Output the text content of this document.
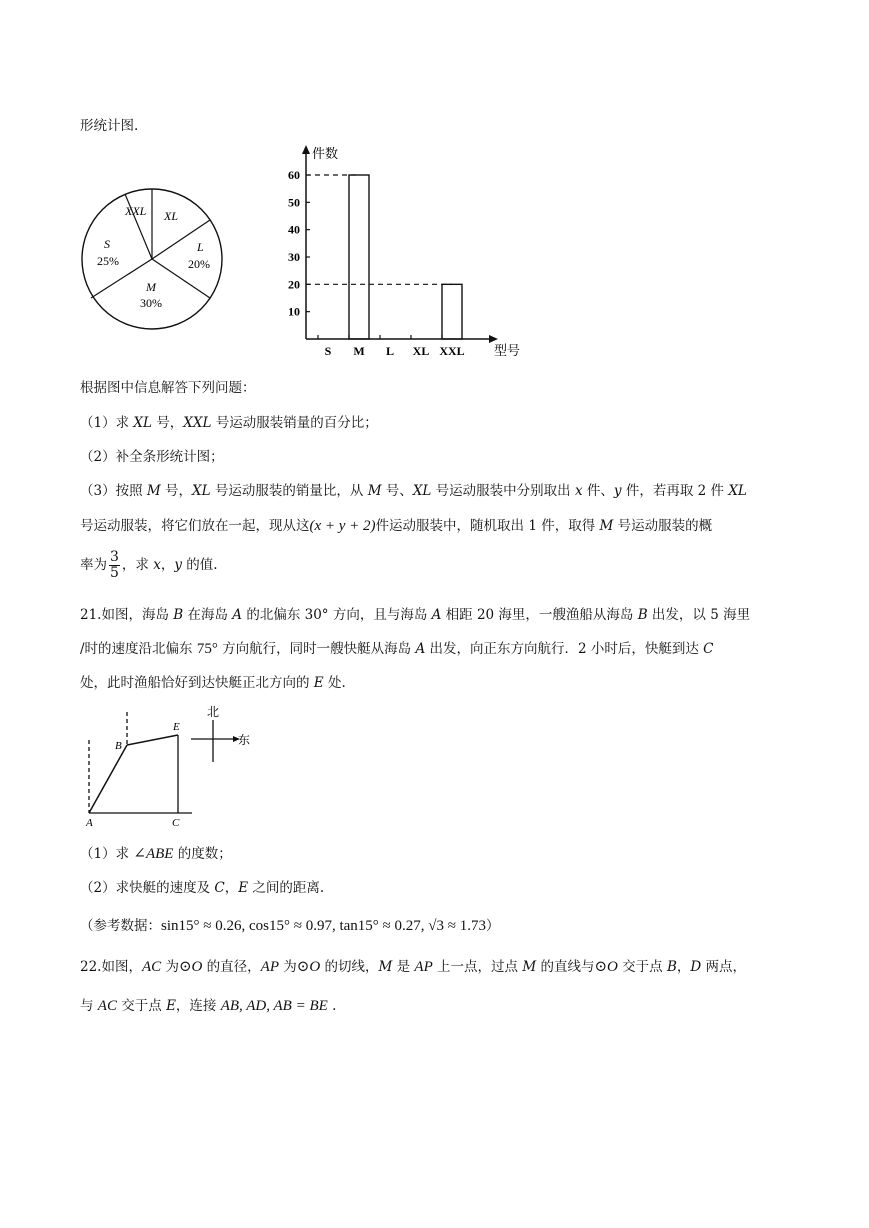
形统计图.
XXL XL
L
20%
M
30%
S
25%
件数
型号
10
20
30
40
50
60
S M L XL XXL
根据图中信息解答下列问题：
（1）求 XL 号，XXL 号运动服装销量的百分比；
（2）补全条形统计图；
（3）按照 M 号，XL 号运动服装的销量比，从 M 号、XL 号运动服装中分别取出 x 件、y 件，若再取 2 件 XL
号运动服装，将它们放在一起，现从这(x + y + 2)件运动服装中，随机取出 1 件，取得 M 号运动服装的概
率为 $\frac{3}{5}$ ，求 x，y 的值.
21.如图，海岛 B 在海岛 A 的北偏东 30° 方向，且与海岛 A 相距 20 海里，一艘渔船从海岛 B 出发，以 5 海里
/时的速度沿北偏东 75° 方向航行，同时一艘快艇从海岛 A 出发，向正东方向航行．2 小时后，快艇到达 C
处，此时渔船恰好到达快艇正北方向的 E 处.
A
B
C
E
北
东
（1）求 ∠ABE 的度数；
（2）求快艇的速度及 C，E 之间的距离.
（参考数据：sin15° ≈ 0.26, cos15° ≈ 0.97, tan15° ≈ 0.27, √3 ≈ 1.73）
22.如图，AC 为⊙O 的直径，AP 为⊙O 的切线，M 是 AP 上一点，过点 M 的直线与⊙O 交于点 B，D 两点，
与 AC 交于点 E，连接 AB, AD, AB = BE .
